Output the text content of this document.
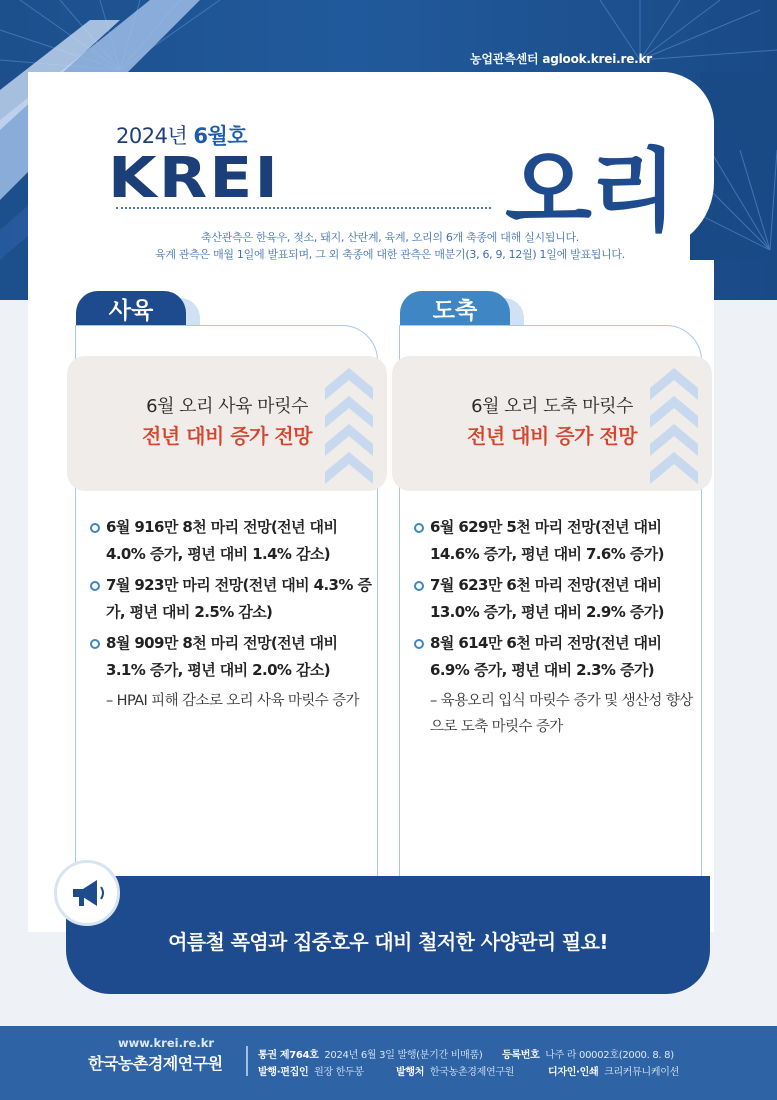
농업관측센터 aglook.krei.re.kr
2024년 6월호
KREI 오리
축산관측은 한육우, 젖소, 돼지, 산란계, 육계, 오리의 6개 축종에 대해 실시됩니다.
육계 관측은 매월 1일에 발표되며, 그 외 축종에 대한 관측은 매분기(3, 6, 9, 12월) 1일에 발표됩니다.
사육
6월 오리 사육 마릿수
전년 대비 증가 전망
6월 916만 8천 마리 전망(전년 대비 4.0% 증가, 평년 대비 1.4% 감소)
7월 923만 마리 전망(전년 대비 4.3% 증가, 평년 대비 2.5% 감소)
8월 909만 8천 마리 전망(전년 대비 3.1% 증가, 평년 대비 2.0% 감소)
– HPAI 피해 감소로 오리 사육 마릿수 증가
도축
6월 오리 도축 마릿수
전년 대비 증가 전망
6월 629만 5천 마리 전망(전년 대비 14.6% 증가, 평년 대비 7.6% 증가)
7월 623만 6천 마리 전망(전년 대비 13.0% 증가, 평년 대비 2.9% 증가)
8월 614만 6천 마리 전망(전년 대비 6.9% 증가, 평년 대비 2.3% 증가)
– 육용오리 입식 마릿수 증가 및 생산성 향상으로 도축 마릿수 증가
여름철 폭염과 집중호우 대비 철저한 사양관리 필요!
www.krei.re.kr
한국농촌경제연구원	통권 제764호 2024년 6월 3일 발행(분기간 비매품) 등록번호 나주 라 00002호(2000. 8. 8)
발행·편집인 원장 한두봉	발행처 한국농촌경제연구원	디자인·인쇄 크리커뮤니케이션
